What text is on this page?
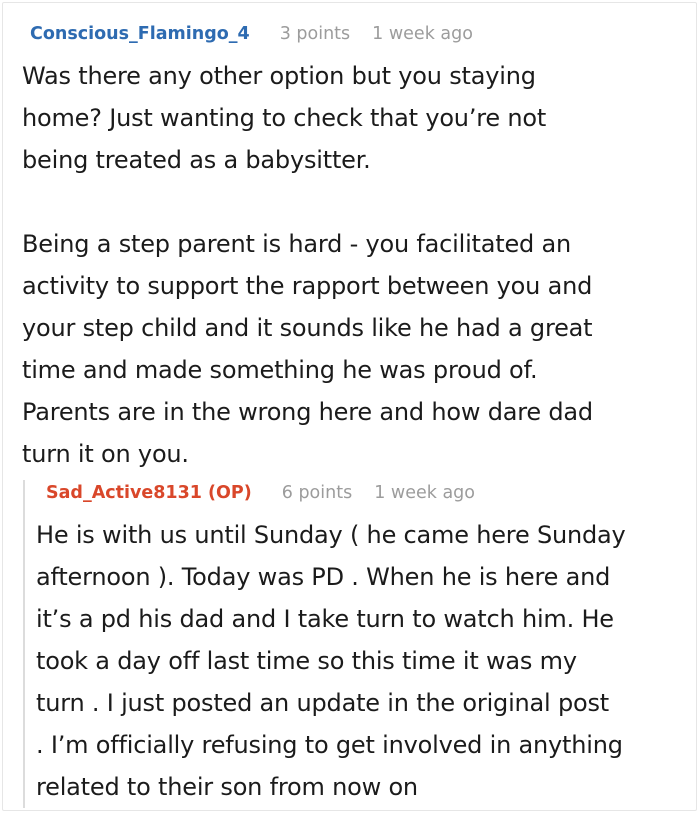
Conscious_Flamingo_4 3 points 1 week ago
Was there any other option but you staying
home? Just wanting to check that you’re not
being treated as a babysitter.
Being a step parent is hard - you facilitated an
activity to support the rapport between you and
your step child and it sounds like he had a great
time and made something he was proud of.
Parents are in the wrong here and how dare dad
turn it on you.
Sad_Active8131 (OP) 6 points 1 week ago
He is with us until Sunday ( he came here Sunday
afternoon ). Today was PD . When he is here and
it’s a pd his dad and I take turn to watch him. He
took a day off last time so this time it was my
turn . I just posted an update in the original post
. I’m officially refusing to get involved in anything
related to their son from now on
